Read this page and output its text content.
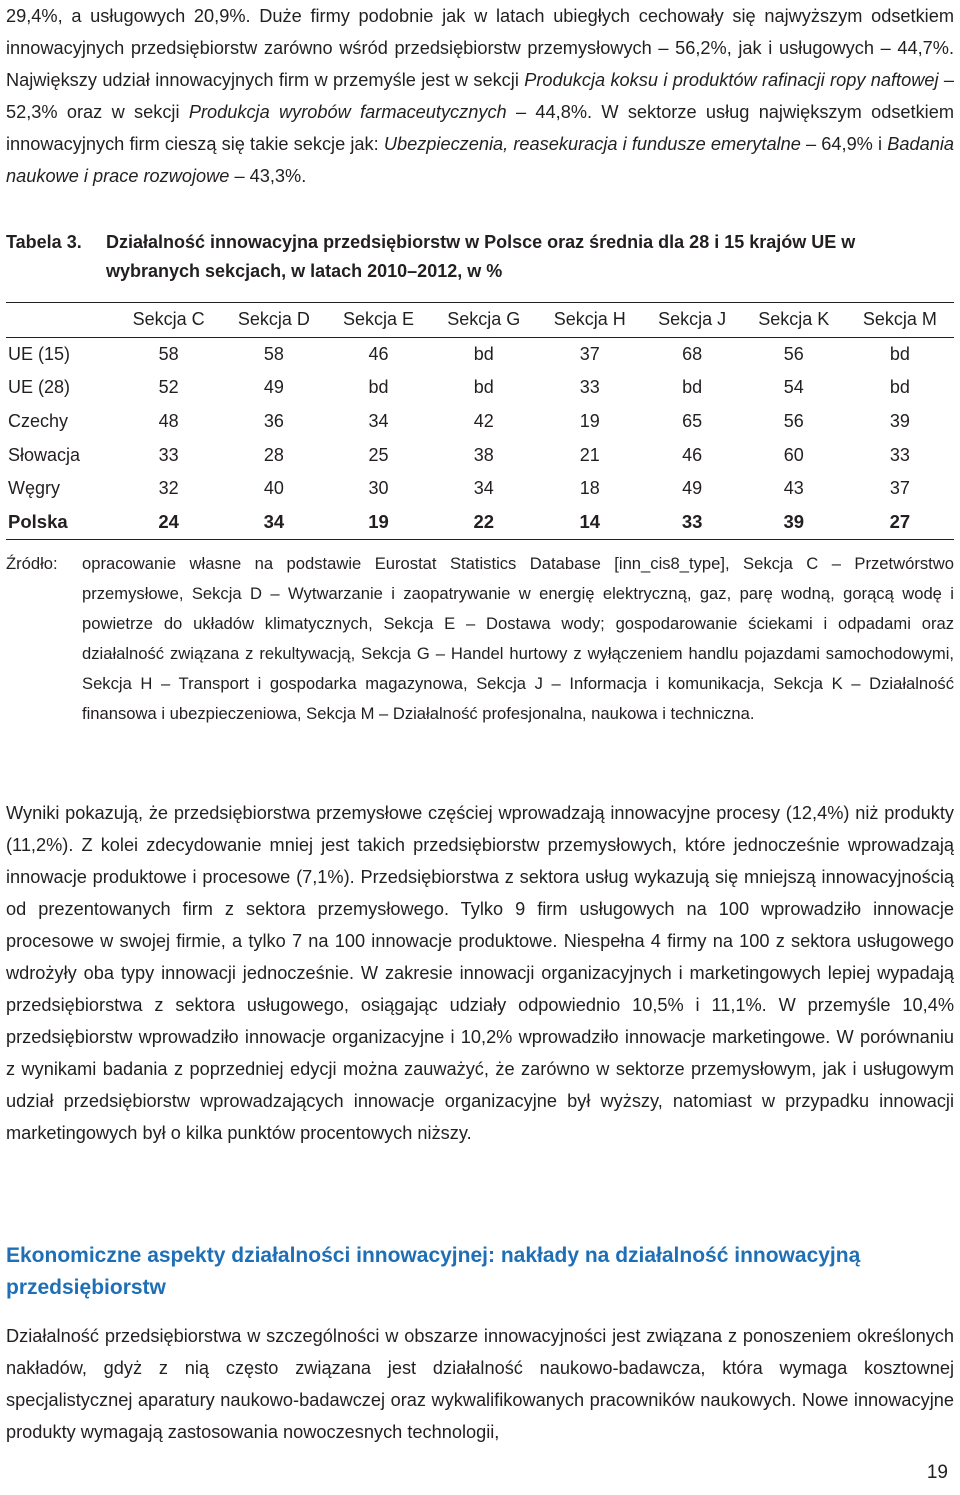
29,4%, a usługowych 20,9%. Duże firmy podobnie jak w latach ubiegłych cechowały się najwyższym odsetkiem innowacyjnych przedsiębiorstw zarówno wśród przedsiębiorstw przemysłowych – 56,2%, jak i usługowych – 44,7%. Największy udział innowacyjnych firm w przemyśle jest w sekcji Produkcja koksu i produktów rafinacji ropy naftowej – 52,3% oraz w sekcji Produkcja wyrobów farmaceutycznych – 44,8%. W sektorze usług największym odsetkiem innowacyjnych firm cieszą się takie sekcje jak: Ubezpieczenia, reasekuracja i fundusze emerytalne – 64,9% i Badania naukowe i prace rozwojowe – 43,3%.

Tabela 3. Działalność innowacyjna przedsiębiorstw w Polsce oraz średnia dla 28 i 15 krajów UE w wybranych sekcjach, w latach 2010–2012, w %
	Sekcja C	Sekcja D	Sekcja E	Sekcja G	Sekcja H	Sekcja J	Sekcja K	Sekcja M
UE (15)	58	58	46	bd	37	68	56	bd
UE (28)	52	49	bd	bd	33	bd	54	bd
Czechy	48	36	34	42	19	65	56	39
Słowacja	33	28	25	38	21	46	60	33
Węgry	32	40	30	34	18	49	43	37
Polska	24	34	19	22	14	33	39	27
Źródło: opracowanie własne na podstawie Eurostat Statistics Database [inn_cis8_type], Sekcja C – Przetwórstwo przemysłowe, Sekcja D – Wytwarzanie i zaopatrywanie w energię elektryczną, gaz, parę wodną, gorącą wodę i powietrze do układów klimatycznych, Sekcja E – Dostawa wody; gospodarowanie ściekami i odpadami oraz działalność związana z rekultywacją, Sekcja G – Handel hurtowy z wyłączeniem handlu pojazdami samochodowymi, Sekcja H – Transport i gospodarka magazynowa, Sekcja J – Informacja i komunikacja, Sekcja K – Działalność finansowa i ubezpieczeniowa, Sekcja M – Działalność profesjonalna, naukowa i techniczna.

Wyniki pokazują, że przedsiębiorstwa przemysłowe częściej wprowadzają innowacyjne procesy (12,4%) niż produkty (11,2%). Z kolei zdecydowanie mniej jest takich przedsiębiorstw przemysłowych, które jednocześnie wprowadzają innowacje produktowe i procesowe (7,1%). Przedsiębiorstwa z sektora usług wykazują się mniejszą innowacyjnością od prezentowanych firm z sektora przemysłowego. Tylko 9 firm usługowych na 100 wprowadziło innowacje procesowe w swojej firmie, a tylko 7 na 100 innowacje produktowe. Niespełna 4 firmy na 100 z sektora usługowego wdrożyły oba typy innowacji jednocześnie. W zakresie innowacji organizacyjnych i marketingowych lepiej wypadają przedsiębiorstwa z sektora usługowego, osiągając udziały odpowiednio 10,5% i 11,1%. W przemyśle 10,4% przedsiębiorstw wprowadziło innowacje organizacyjne i 10,2% wprowadziło innowacje marketingowe. W porównaniu z wynikami badania z poprzedniej edycji można zauważyć, że zarówno w sektorze przemysłowym, jak i usługowym udział przedsiębiorstw wprowadzających innowacje organizacyjne był wyższy, natomiast w przypadku innowacji marketingowych był o kilka punktów procentowych niższy.

Ekonomiczne aspekty działalności innowacyjnej: nakłady na działalność innowacyjną przedsiębiorstw

Działalność przedsiębiorstwa w szczególności w obszarze innowacyjności jest związana z ponoszeniem określonych nakładów, gdyż z nią często związana jest działalność naukowo-badawcza, która wymaga kosztownej specjalistycznej aparatury naukowo-badawczej oraz wykwalifikowanych pracowników naukowych. Nowe innowacyjne produkty wymagają zastosowania nowoczesnych technologii,

19
